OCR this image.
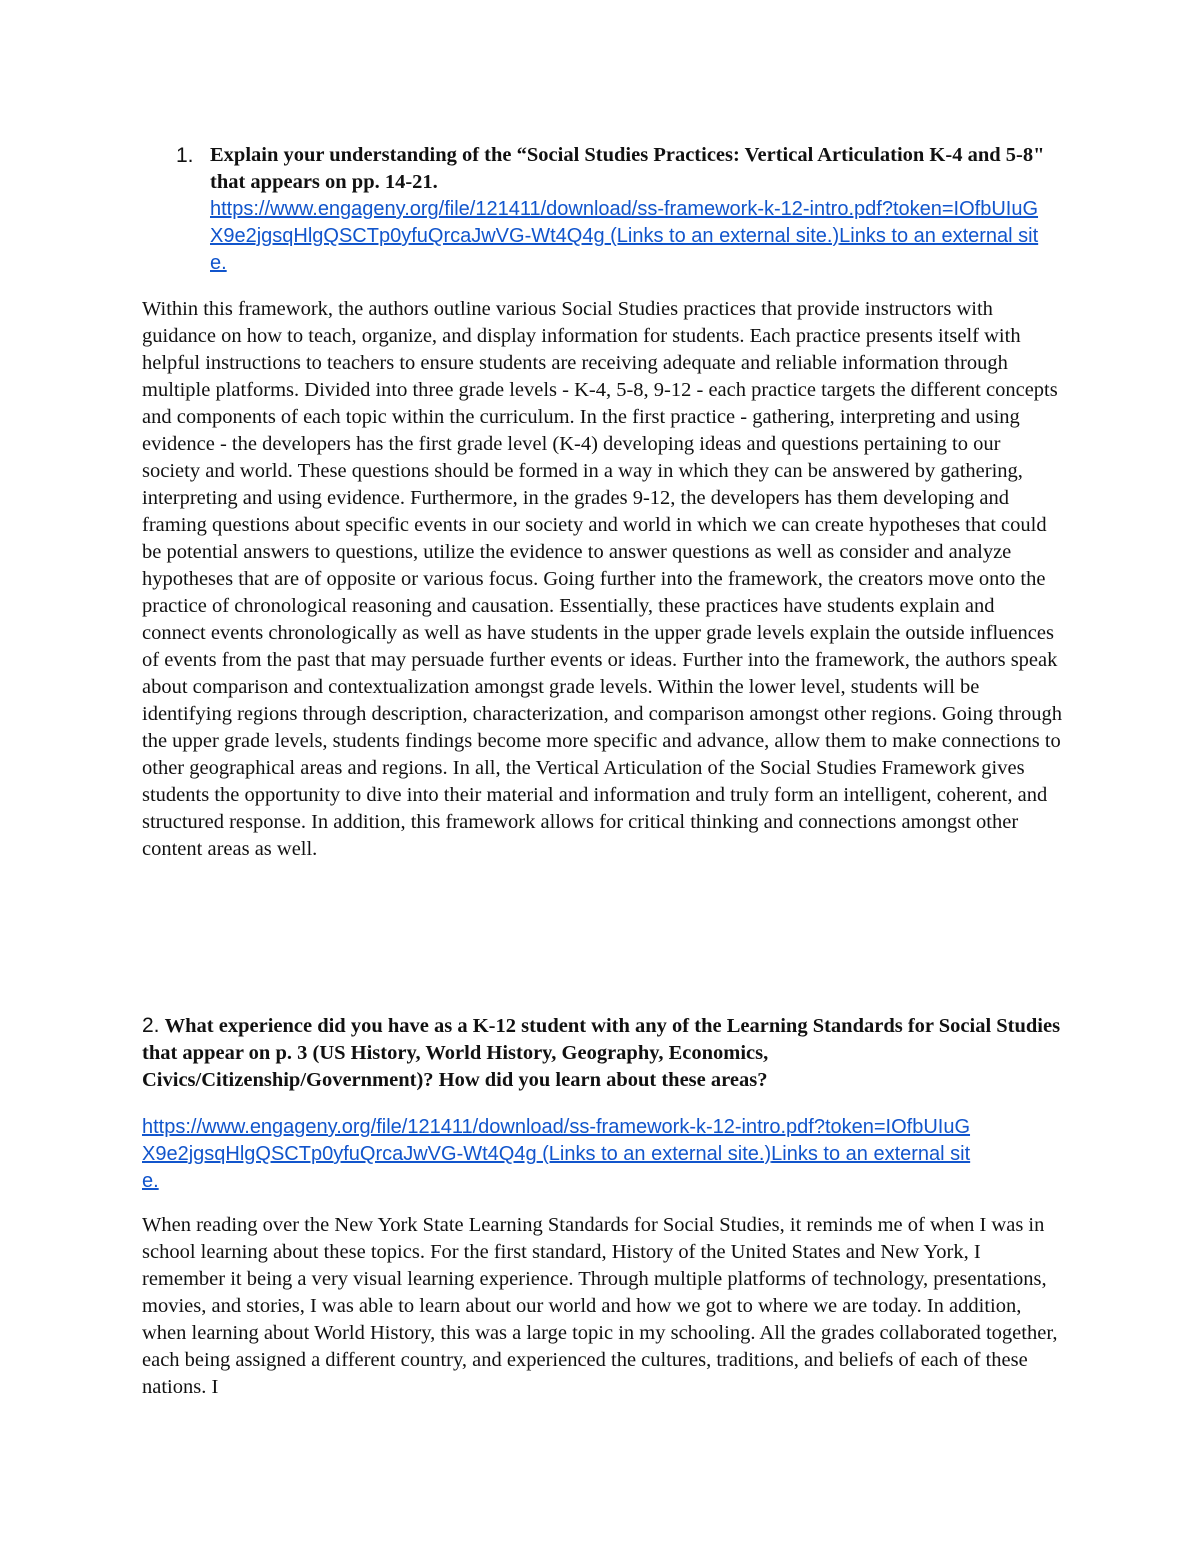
1. Explain your understanding of the “Social Studies Practices: Vertical Articulation K-4 and 5-8" that appears on pp. 14-21.
https://www.engageny.org/file/121411/download/ss-framework-k-12-intro.pdf?token=IOfbUIuGX9e2jgsqHlgQSCTp0yfuQrcaJwVG-Wt4Q4g (Links to an external site.)Links to an external site.
Within this framework, the authors outline various Social Studies practices that provide instructors with guidance on how to teach, organize, and display information for students. Each practice presents itself with helpful instructions to teachers to ensure students are receiving adequate and reliable information through multiple platforms. Divided into three grade levels - K-4, 5-8, 9-12 - each practice targets the different concepts and components of each topic within the curriculum. In the first practice - gathering, interpreting and using evidence - the developers has the first grade level (K-4) developing ideas and questions pertaining to our society and world. These questions should be formed in a way in which they can be answered by gathering, interpreting and using evidence. Furthermore, in the grades 9-12, the developers has them developing and framing questions about specific events in our society and world in which we can create hypotheses that could be potential answers to questions, utilize the evidence to answer questions as well as consider and analyze hypotheses that are of opposite or various focus. Going further into the framework, the creators move onto the practice of chronological reasoning and causation. Essentially, these practices have students explain and connect events chronologically as well as have students in the upper grade levels explain the outside influences of events from the past that may persuade further events or ideas. Further into the framework, the authors speak about comparison and contextualization amongst grade levels. Within the lower level, students will be identifying regions through description, characterization, and comparison amongst other regions. Going through the upper grade levels, students findings become more specific and advance, allow them to make connections to other geographical areas and regions. In all, the Vertical Articulation of the Social Studies Framework gives students the opportunity to dive into their material and information and truly form an intelligent, coherent, and structured response. In addition, this framework allows for critical thinking and connections amongst other content areas as well.
2. What experience did you have as a K-12 student with any of the Learning Standards for Social Studies that appear on p. 3 (US History, World History, Geography, Economics, Civics/Citizenship/Government)? How did you learn about these areas?
https://www.engageny.org/file/121411/download/ss-framework-k-12-intro.pdf?token=IOfbUIuGX9e2jgsqHlgQSCTp0yfuQrcaJwVG-Wt4Q4g (Links to an external site.)Links to an external site.
When reading over the New York State Learning Standards for Social Studies, it reminds me of when I was in school learning about these topics. For the first standard, History of the United States and New York, I remember it being a very visual learning experience. Through multiple platforms of technology, presentations, movies, and stories, I was able to learn about our world and how we got to where we are today. In addition, when learning about World History, this was a large topic in my schooling. All the grades collaborated together, each being assigned a different country, and experienced the cultures, traditions, and beliefs of each of these nations. I
